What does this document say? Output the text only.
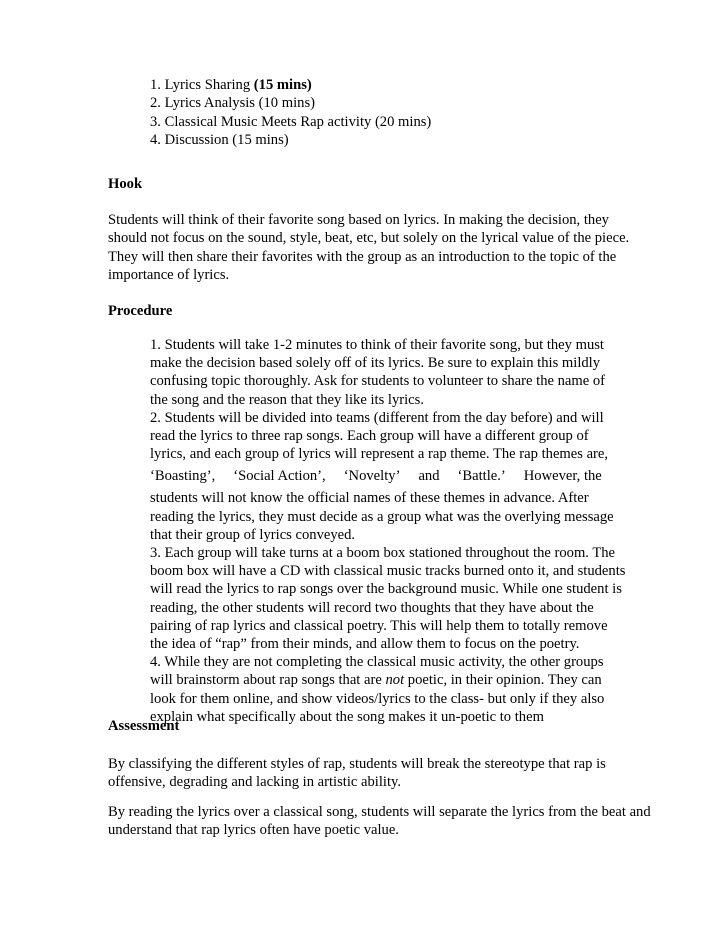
1. Lyrics Sharing (15 mins)
2. Lyrics Analysis (10 mins)
3. Classical Music Meets Rap activity (20 mins)
4. Discussion (15 mins)
Hook
Students will think of their favorite song based on lyrics. In making the decision, they
should not focus on the sound, style, beat, etc, but solely on the lyrical value of the piece.
They will then share their favorites with the group as an introduction to the topic of the
importance of lyrics.
Procedure
1. Students will take 1-2 minutes to think of their favorite song, but they must
make the decision based solely off of its lyrics. Be sure to explain this mildly
confusing topic thoroughly. Ask for students to volunteer to share the name of
the song and the reason that they like its lyrics.
2. Students will be divided into teams (different from the day before) and will
read the lyrics to three rap songs. Each group will have a different group of
lyrics, and each group of lyrics will represent a rap theme. The rap themes are,
‘Boasting’, ‘Social Action’, ‘Novelty’ and ‘Battle.’ However, the
students will not know the official names of these themes in advance. After
reading the lyrics, they must decide as a group what was the overlying message
that their group of lyrics conveyed.
3. Each group will take turns at a boom box stationed throughout the room. The
boom box will have a CD with classical music tracks burned onto it, and students
will read the lyrics to rap songs over the background music. While one student is
reading, the other students will record two thoughts that they have about the
pairing of rap lyrics and classical poetry. This will help them to totally remove
the idea of “rap” from their minds, and allow them to focus on the poetry.
4. While they are not completing the classical music activity, the other groups
will brainstorm about rap songs that are not poetic, in their opinion. They can
look for them online, and show videos/lyrics to the class- but only if they also
explain what specifically about the song makes it un-poetic to them
Assessment
By classifying the different styles of rap, students will break the stereotype that rap is
offensive, degrading and lacking in artistic ability.
By reading the lyrics over a classical song, students will separate the lyrics from the beat and
understand that rap lyrics often have poetic value.
